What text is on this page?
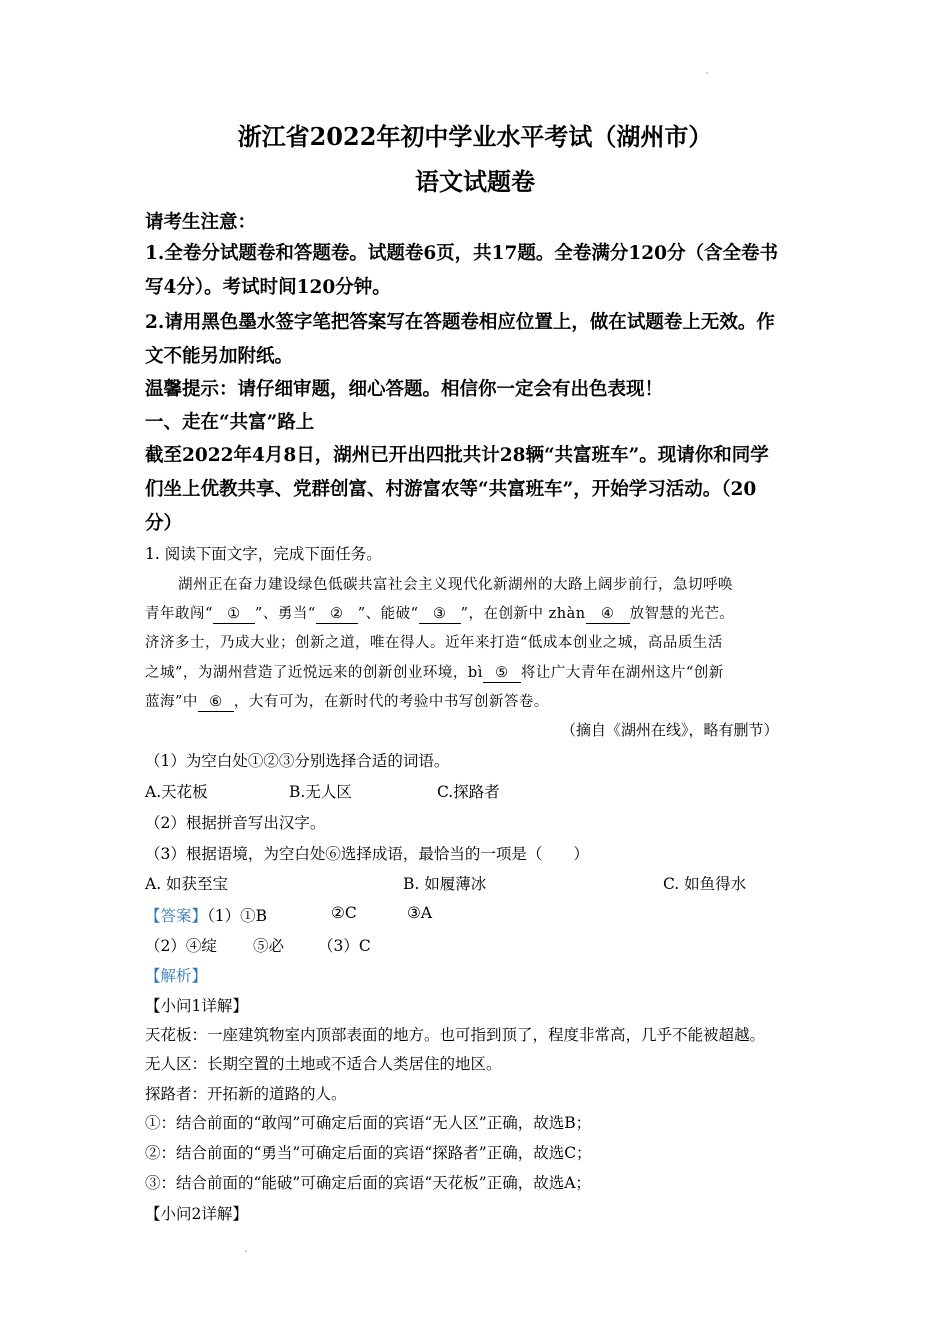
浙江省2022年初中学业水平考试（湖州市）
语文试题卷
请考生注意：
1.全卷分试题卷和答题卷。试题卷6页，共17题。全卷满分120分（含全卷书
写4分）。考试时间120分钟。
2.请用黑色墨水签字笔把答案写在答题卷相应位置上，做在试题卷上无效。作
文不能另加附纸。
温馨提示：请仔细审题，细心答题。相信你一定会有出色表现！
一、走在“共富”路上
截至2022年4月8日，湖州已开出四批共计28辆“共富班车”。现请你和同学
们坐上优教共享、党群创富、村游富农等“共富班车”，开始学习活动。（20
分）
1. 阅读下面文字，完成下面任务。
湖州正在奋力建设绿色低碳共富社会主义现代化新湖州的大路上阔步前行，急切呼唤
青年敢闯“ ① ”、勇当“ ② ”、能破“ ③ ”，在创新中 zhàn ④ 放智慧的光芒。
济济多士，乃成大业；创新之道，唯在得人。近年来打造“低成本创业之城，高品质生活
之城”，为湖州营造了近悦远来的创新创业环境，bì ⑤ 将让广大青年在湖州这片“创新
蓝海”中 ⑥ ，大有可为，在新时代的考验中书写创新答卷。
（摘自《湖州在线》，略有删节）
（1）为空白处①②③分别选择合适的词语。
A.天花板	B.无人区	C.探路者
（2）根据拼音写出汉字。
（3）根据语境，为空白处⑥选择成语，最恰当的一项是（　　）
A. 如获至宝	B. 如履薄冰	C. 如鱼得水
【答案】（1）①B	②C	③A
（2）④绽 ⑤必 （3）C
【解析】
【小问1详解】
天花板：一座建筑物室内顶部表面的地方。也可指到顶了，程度非常高，几乎不能被超越。
无人区：长期空置的土地或不适合人类居住的地区。
探路者：开拓新的道路的人。
①：结合前面的“敢闯”可确定后面的宾语“无人区”正确，故选B；
②：结合前面的“勇当”可确定后面的宾语“探路者”正确，故选C；
③：结合前面的“能破”可确定后面的宾语“天花板”正确，故选A；
【小问2详解】
